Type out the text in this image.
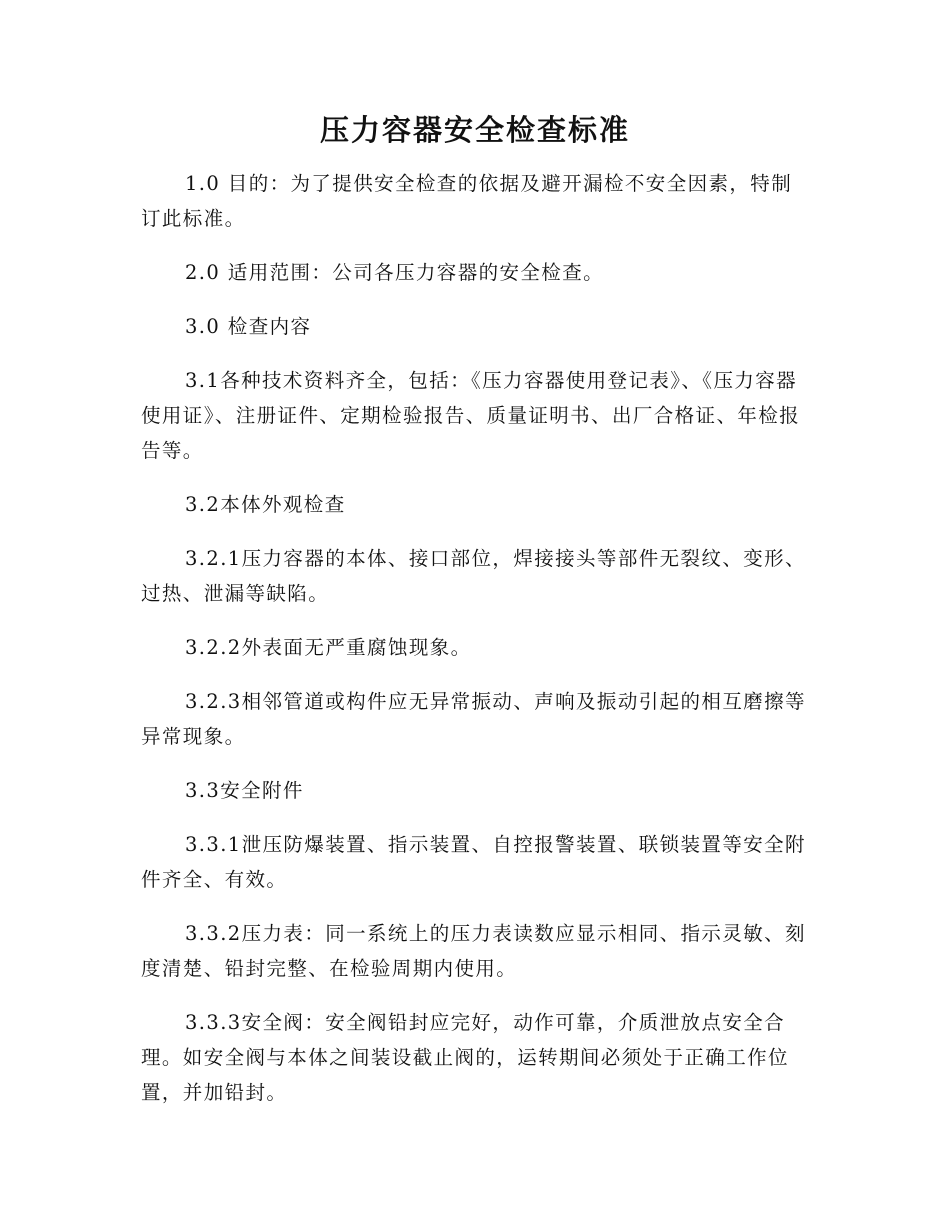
压力容器安全检查标准

1.0 目的：为了提供安全检查的依据及避开漏检不安全因素，特制订此标准。

2.0 适用范围：公司各压力容器的安全检查。

3.0 检查内容

3.1各种技术资料齐全，包括：《压力容器使用登记表》、《压力容器使用证》、注册证件、定期检验报告、质量证明书、出厂合格证、年检报告等。

3.2本体外观检查

3.2.1压力容器的本体、接口部位，焊接接头等部件无裂纹、变形、过热、泄漏等缺陷。

3.2.2外表面无严重腐蚀现象。

3.2.3相邻管道或构件应无异常振动、声响及振动引起的相互磨擦等异常现象。

3.3安全附件

3.3.1泄压防爆装置、指示装置、自控报警装置、联锁装置等安全附件齐全、有效。

3.3.2压力表：同一系统上的压力表读数应显示相同、指示灵敏、刻度清楚、铅封完整、在检验周期内使用。

3.3.3安全阀：安全阀铅封应完好，动作可靠，介质泄放点安全合理。如安全阀与本体之间装设截止阀的，运转期间必须处于正确工作位置，并加铅封。
